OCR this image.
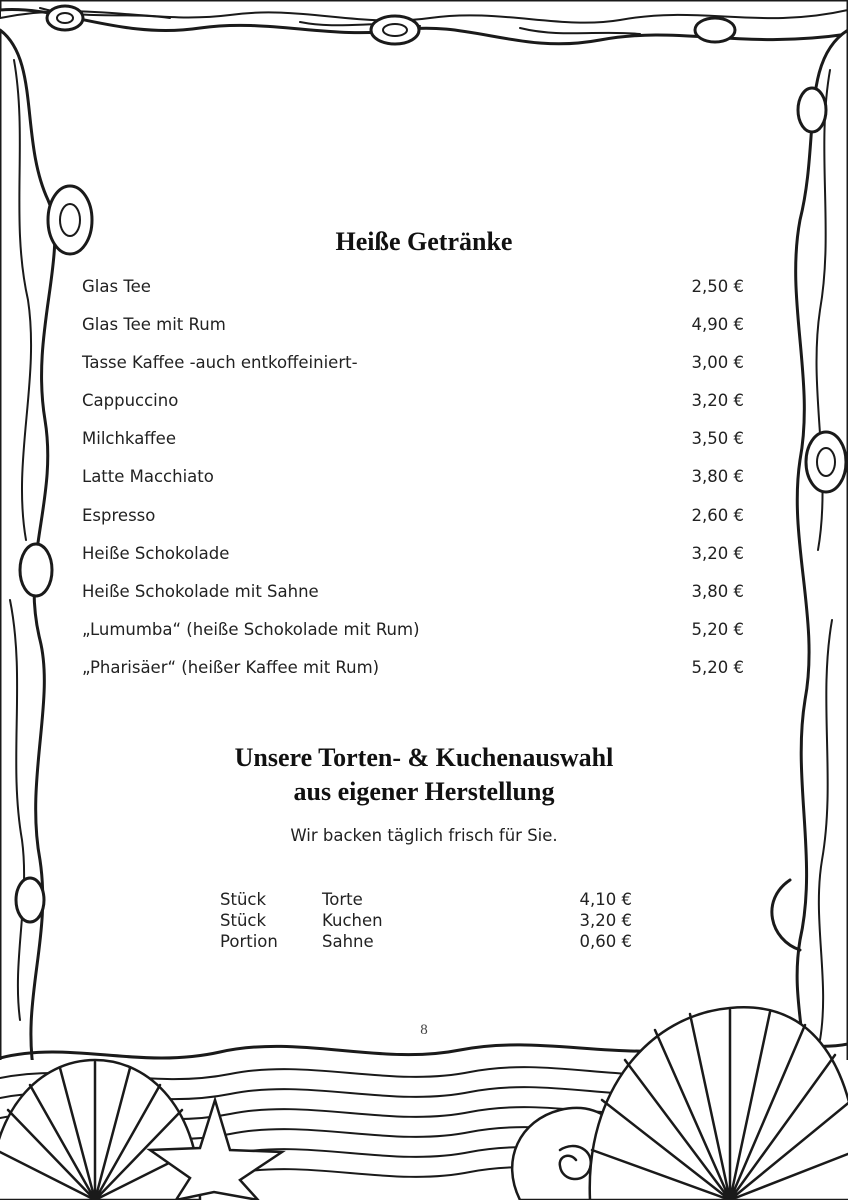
Heiße Getränke
Glas Tee	2,50 €
Glas Tee mit Rum	4,90 €
Tasse Kaffee -auch entkoffeiniert-	3,00 €
Cappuccino	3,20 €
Milchkaffee	3,50 €
Latte Macchiato	3,80 €
Espresso	2,60 €
Heiße Schokolade	3,20 €
Heiße Schokolade mit Sahne	3,80 €
„Lumumba“ (heiße Schokolade mit Rum)	5,20 €
„Pharisäer“ (heißer Kaffee mit Rum)	5,20 €
Unsere Torten- & Kuchenauswahl
aus eigener Herstellung
Wir backen täglich frisch für Sie.
Stück	Torte	4,10 €
Stück	Kuchen	3,20 €
Portion	Sahne	0,60 €
8
